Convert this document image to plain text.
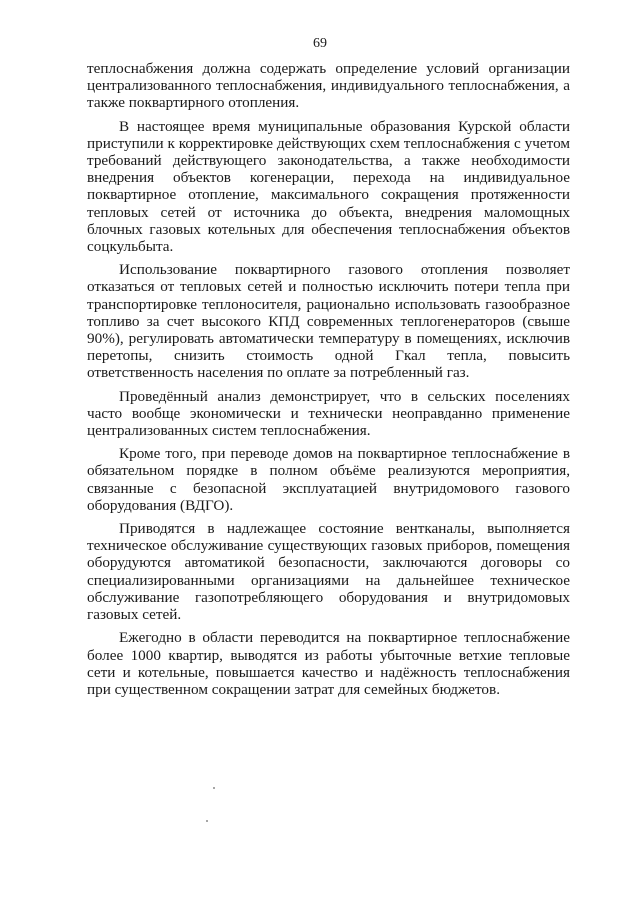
69

теплоснабжения должна содержать определение условий организации централизованного теплоснабжения, индивидуального теплоснабжения, а также поквартирного отопления.

В настоящее время муниципальные образования Курской области приступили к корректировке действующих схем теплоснабжения с учетом требований действующего законодательства, а также необходимости внедрения объектов когенерации, перехода на индивидуальное поквартирное отопление, максимального сокращения протяженности тепловых сетей от источника до объекта, внедрения маломощных блочных газовых котельных для обеспечения теплоснабжения объектов соцкульбыта.

Использование поквартирного газового отопления позволяет отказаться от тепловых сетей и полностью исключить потери тепла при транспортировке теплоносителя, рационально использовать газообразное топливо за счет высокого КПД современных теплогенераторов (свыше 90%), регулировать автоматически температуру в помещениях, исключив перетопы, снизить стоимость одной Гкал тепла, повысить ответственность населения по оплате за потребленный газ.

Проведённый анализ демонстрирует, что в сельских поселениях часто вообще экономически и технически неоправданно применение централизованных систем теплоснабжения.

Кроме того, при переводе домов на поквартирное теплоснабжение в обязательном порядке в полном объёме реализуются мероприятия, связанные с безопасной эксплуатацией внутридомового газового оборудования (ВДГО).

Приводятся в надлежащее состояние вентканалы, выполняется техническое обслуживание существующих газовых приборов, помещения оборудуются автоматикой безопасности, заключаются договоры со специализированными организациями на дальнейшее техническое обслуживание газопотребляющего оборудования и внутридомовых газовых сетей.

Ежегодно в области переводится на поквартирное теплоснабжение более 1000 квартир, выводятся из работы убыточные ветхие тепловые сети и котельные, повышается качество и надёжность теплоснабжения при существенном сокращении затрат для семейных бюджетов.
